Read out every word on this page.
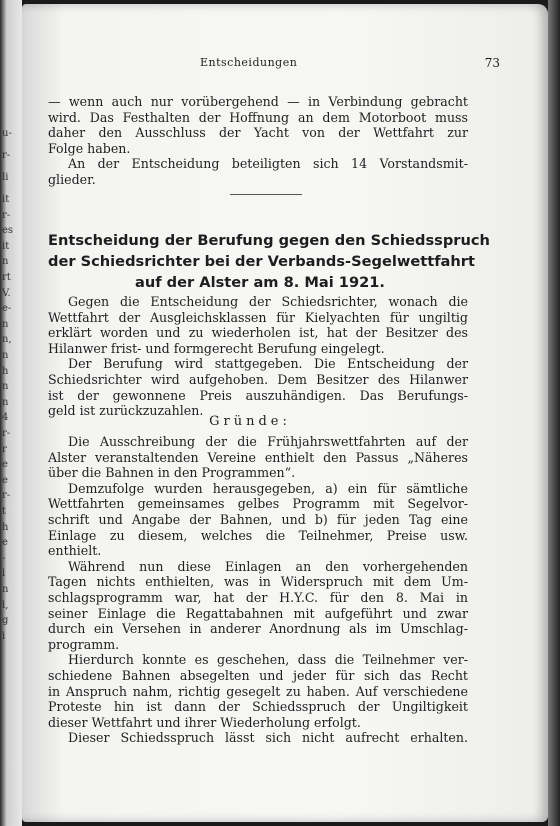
u-
r-
li
it
r-
es
it
n
rt
V.
e-
n
n,
n
h
n
n
4
r-
r
e
e
r-
t
h
e
-
l
n
l,
g
i
Entscheidungen	73
— wenn auch nur vorübergehend — in Verbindung gebracht
wird. Das Festhalten der Hoffnung an dem Motorboot muss
daher den Ausschluss der Yacht von der Wettfahrt zur
Folge haben.
An der Entscheidung beteiligten sich 14 Vorstandsmit-
glieder.
Entscheidung der Berufung gegen den Schiedsspruch
der Schiedsrichter bei der Verbands-Segelwettfahrt
auf der Alster am 8. Mai 1921.
Gegen die Entscheidung der Schiedsrichter, wonach die
Wettfahrt der Ausgleichsklassen für Kielyachten für ungiltig
erklärt worden und zu wiederholen ist, hat der Besitzer des
Hilanwer frist- und formgerecht Berufung eingelegt.
Der Berufung wird stattgegeben. Die Entscheidung der
Schiedsrichter wird aufgehoben. Dem Besitzer des Hilanwer
ist der gewonnene Preis auszuhändigen. Das Berufungs-
geld ist zurückzuzahlen.
Gründe:
Die Ausschreibung der die Frühjahrswettfahrten auf der
Alster veranstaltenden Vereine enthielt den Passus „Näheres
über die Bahnen in den Programmen“.
Demzufolge wurden herausgegeben, a) ein für sämtliche
Wettfahrten gemeinsames gelbes Programm mit Segelvor-
schrift und Angabe der Bahnen, und b) für jeden Tag eine
Einlage zu diesem, welches die Teilnehmer, Preise usw.
enthielt.
Während nun diese Einlagen an den vorhergehenden
Tagen nichts enthielten, was in Widerspruch mit dem Um-
schlagsprogramm war, hat der H.Y.C. für den 8. Mai in
seiner Einlage die Regattabahnen mit aufgeführt und zwar
durch ein Versehen in anderer Anordnung als im Umschlag-
programm.
Hierdurch konnte es geschehen, dass die Teilnehmer ver-
schiedene Bahnen absegelten und jeder für sich das Recht
in Anspruch nahm, richtig gesegelt zu haben. Auf verschiedene
Proteste hin ist dann der Schiedsspruch der Ungiltigkeit
dieser Wettfahrt und ihrer Wiederholung erfolgt.
Dieser Schiedsspruch lässt sich nicht aufrecht erhalten.
